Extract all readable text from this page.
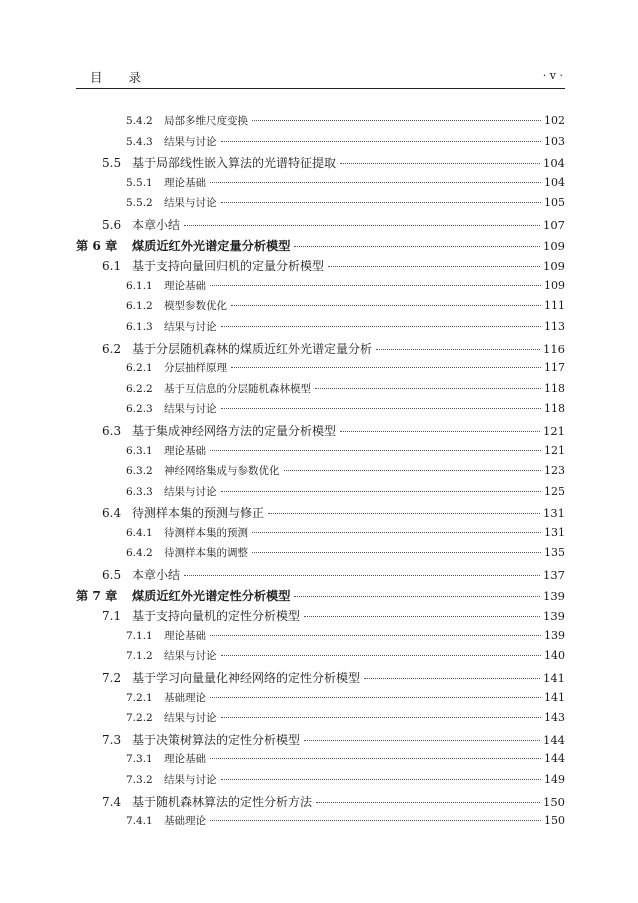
目录	· v ·
5.4.2	局部多维尺度变换	102
5.4.3	结果与讨论	103
5.5 基于局部线性嵌入算法的光谱特征提取	104
5.5.1	理论基础	104
5.5.2	结果与讨论	105
5.6 本章小结	107
第 6 章	煤质近红外光谱定量分析模型	109
6.1 基于支持向量回归机的定量分析模型	109
6.1.1	理论基础	109
6.1.2	模型参数优化	111
6.1.3	结果与讨论	113
6.2 基于分层随机森林的煤质近红外光谱定量分析	116
6.2.1	分层抽样原理	117
6.2.2	基于互信息的分层随机森林模型	118
6.2.3	结果与讨论	118
6.3 基于集成神经网络方法的定量分析模型	121
6.3.1	理论基础	121
6.3.2	神经网络集成与参数优化	123
6.3.3	结果与讨论	125
6.4 待测样本集的预测与修正	131
6.4.1	待测样本集的预测	131
6.4.2	待测样本集的调整	135
6.5 本章小结	137
第 7 章	煤质近红外光谱定性分析模型	139
7.1 基于支持向量机的定性分析模型	139
7.1.1	理论基础	139
7.1.2	结果与讨论	140
7.2 基于学习向量量化神经网络的定性分析模型	141
7.2.1	基础理论	141
7.2.2	结果与讨论	143
7.3 基于决策树算法的定性分析模型	144
7.3.1	理论基础	144
7.3.2	结果与讨论	149
7.4 基于随机森林算法的定性分析方法	150
7.4.1	基础理论	150
